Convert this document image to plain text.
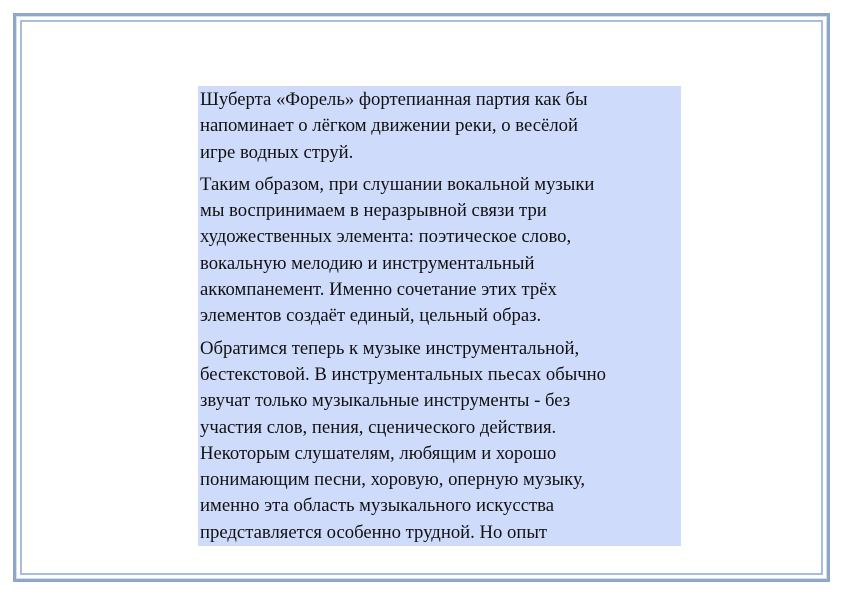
Шуберта «Форель» фортепианная партия как бы
напоминает о лёгком движении реки, о весёлой
игре водных струй.

Таким образом, при слушании вокальной музыки
мы воспринимаем в неразрывной связи три
художественных элемента: поэтическое слово,
вокальную мелодию и инструментальный
аккомпанемент. Именно сочетание этих трёх
элементов создаёт единый, цельный образ.

Обратимся теперь к музыке инструментальной,
бестекстовой. В инструментальных пьесах обычно
звучат только музыкальные инструменты - без
участия слов, пения, сценического действия.
Некоторым слушателям, любящим и хорошо
понимающим песни, хоровую, оперную музыку,
именно эта область музыкального искусства
представляется особенно трудной. Но опыт
